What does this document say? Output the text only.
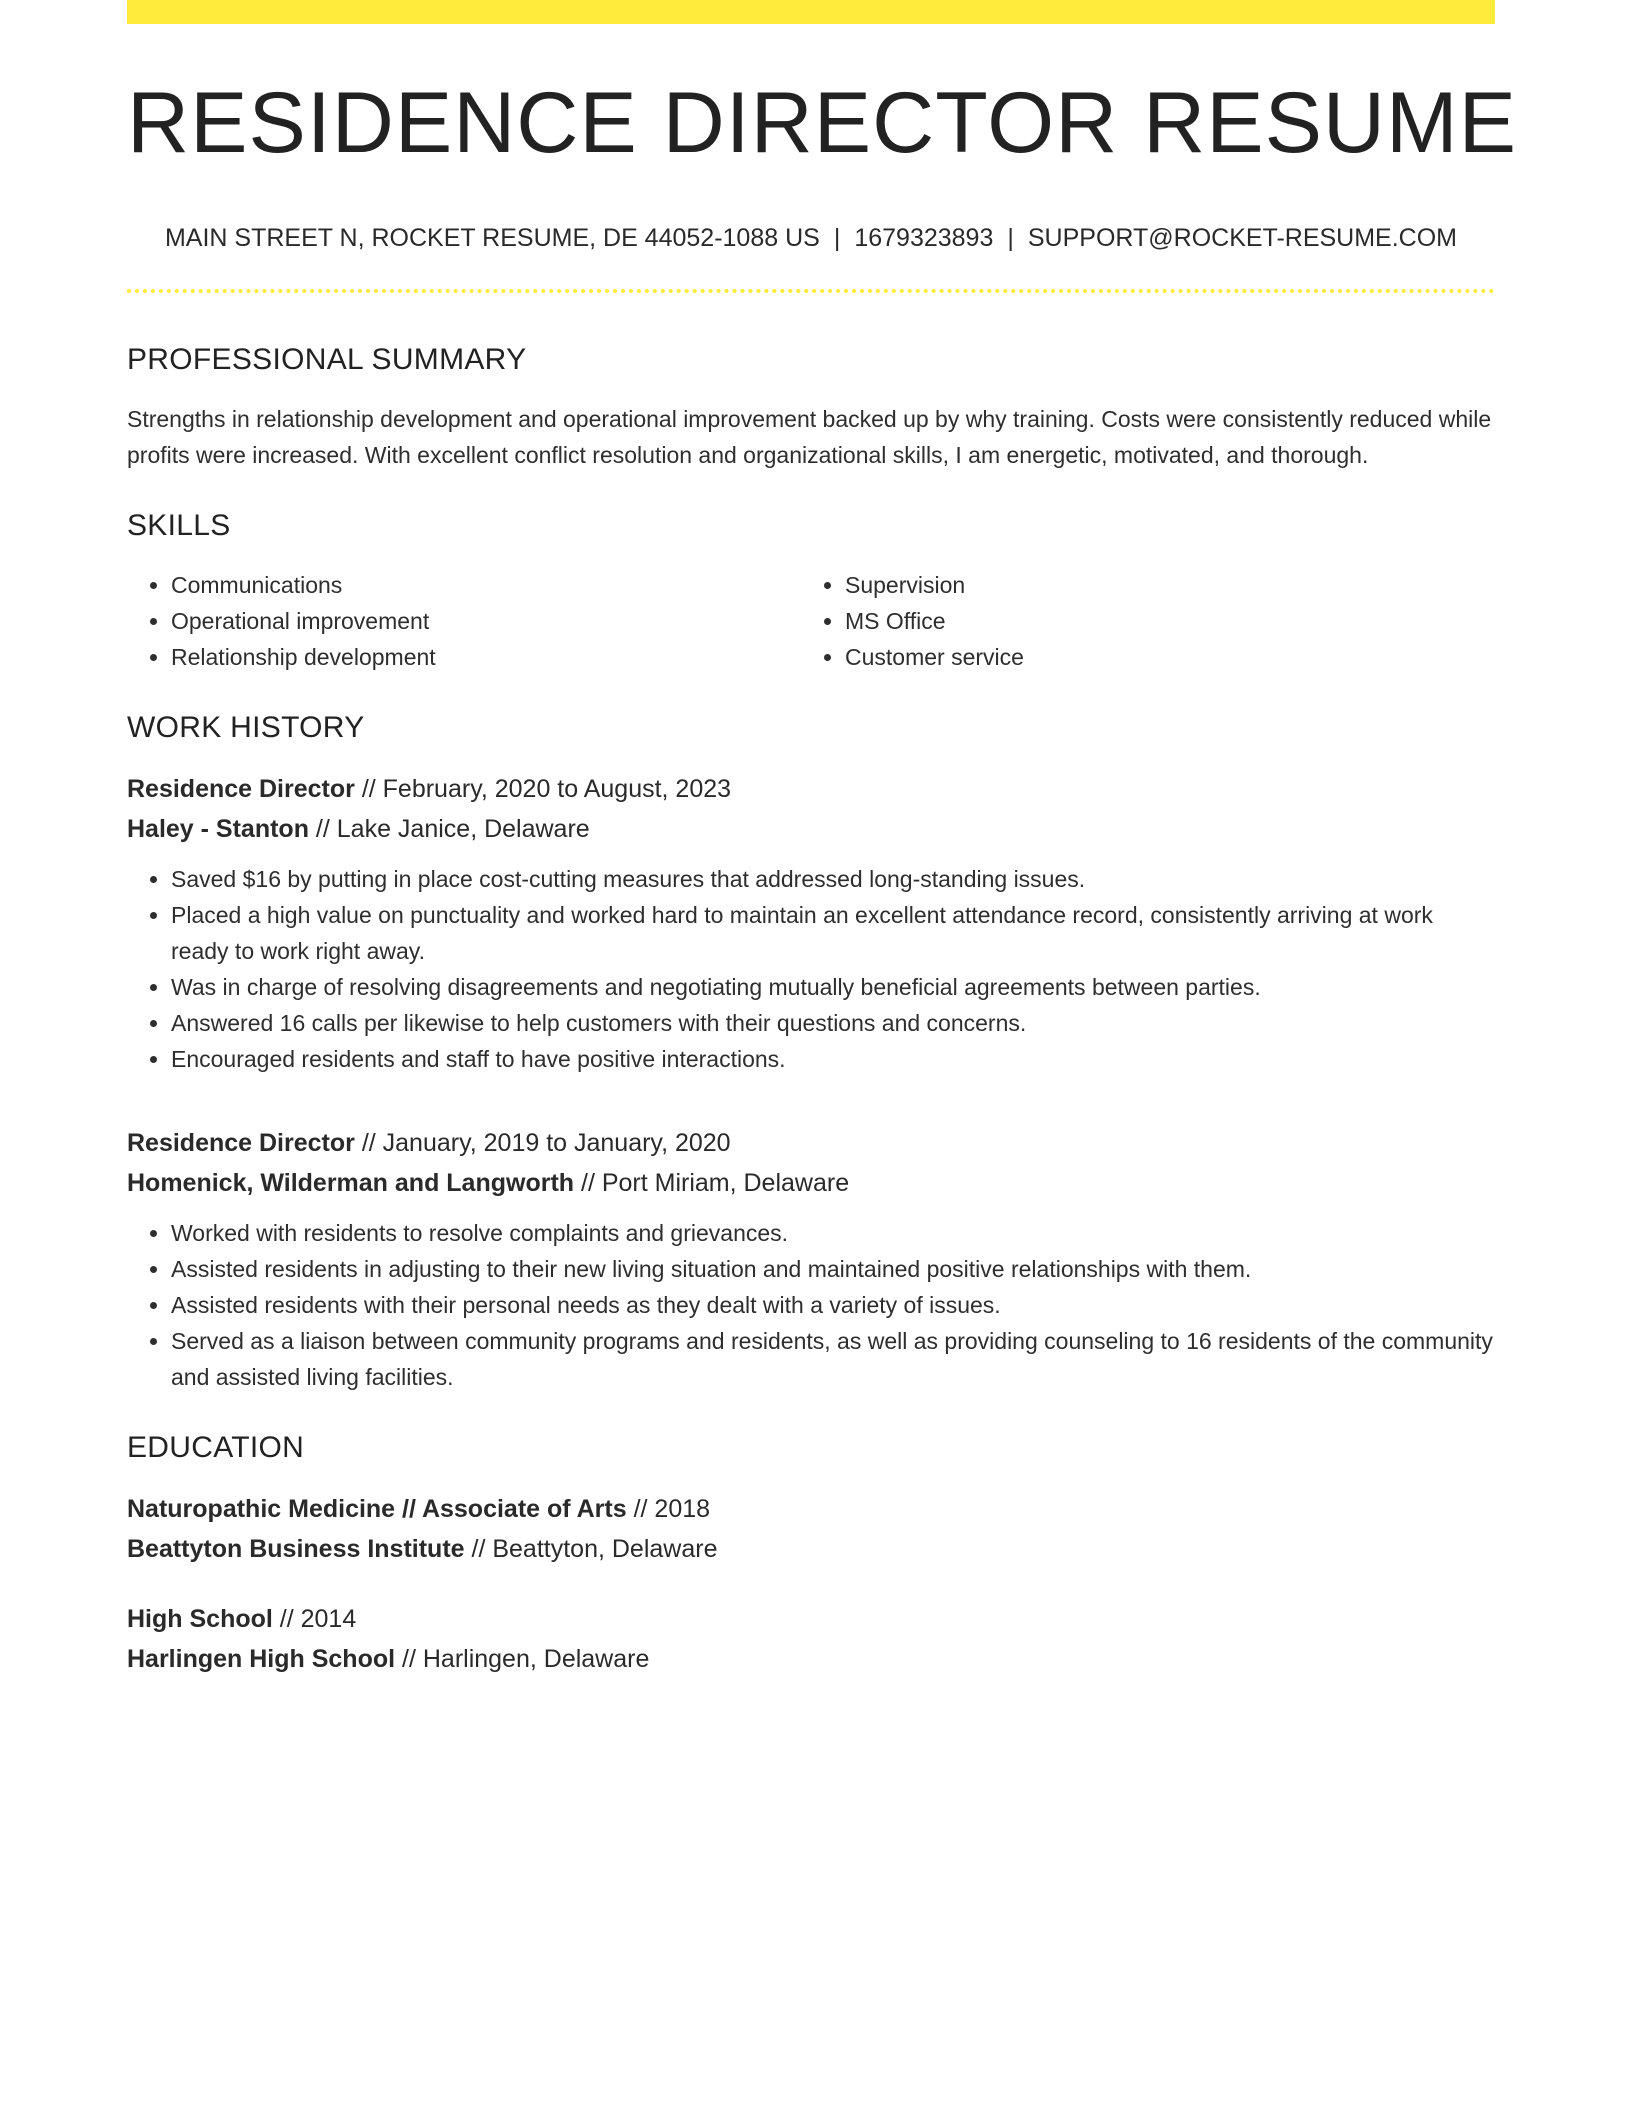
RESIDENCE DIRECTOR RESUME
MAIN STREET N, ROCKET RESUME, DE 44052-1088 US | 1679323893 | SUPPORT@ROCKET-RESUME.COM
PROFESSIONAL SUMMARY
Strengths in relationship development and operational improvement backed up by why training. Costs were consistently reduced while profits were increased. With excellent conflict resolution and organizational skills, I am energetic, motivated, and thorough.
SKILLS
• Communications
• Operational improvement
• Relationship development
• Supervision
• MS Office
• Customer service
WORK HISTORY
Residence Director // February, 2020 to August, 2023
Haley - Stanton // Lake Janice, Delaware
• Saved $16 by putting in place cost-cutting measures that addressed long-standing issues.
• Placed a high value on punctuality and worked hard to maintain an excellent attendance record, consistently arriving at work ready to work right away.
• Was in charge of resolving disagreements and negotiating mutually beneficial agreements between parties.
• Answered 16 calls per likewise to help customers with their questions and concerns.
• Encouraged residents and staff to have positive interactions.
Residence Director // January, 2019 to January, 2020
Homenick, Wilderman and Langworth // Port Miriam, Delaware
• Worked with residents to resolve complaints and grievances.
• Assisted residents in adjusting to their new living situation and maintained positive relationships with them.
• Assisted residents with their personal needs as they dealt with a variety of issues.
• Served as a liaison between community programs and residents, as well as providing counseling to 16 residents of the community and assisted living facilities.
EDUCATION
Naturopathic Medicine // Associate of Arts // 2018
Beattyton Business Institute // Beattyton, Delaware
High School // 2014
Harlingen High School // Harlingen, Delaware
